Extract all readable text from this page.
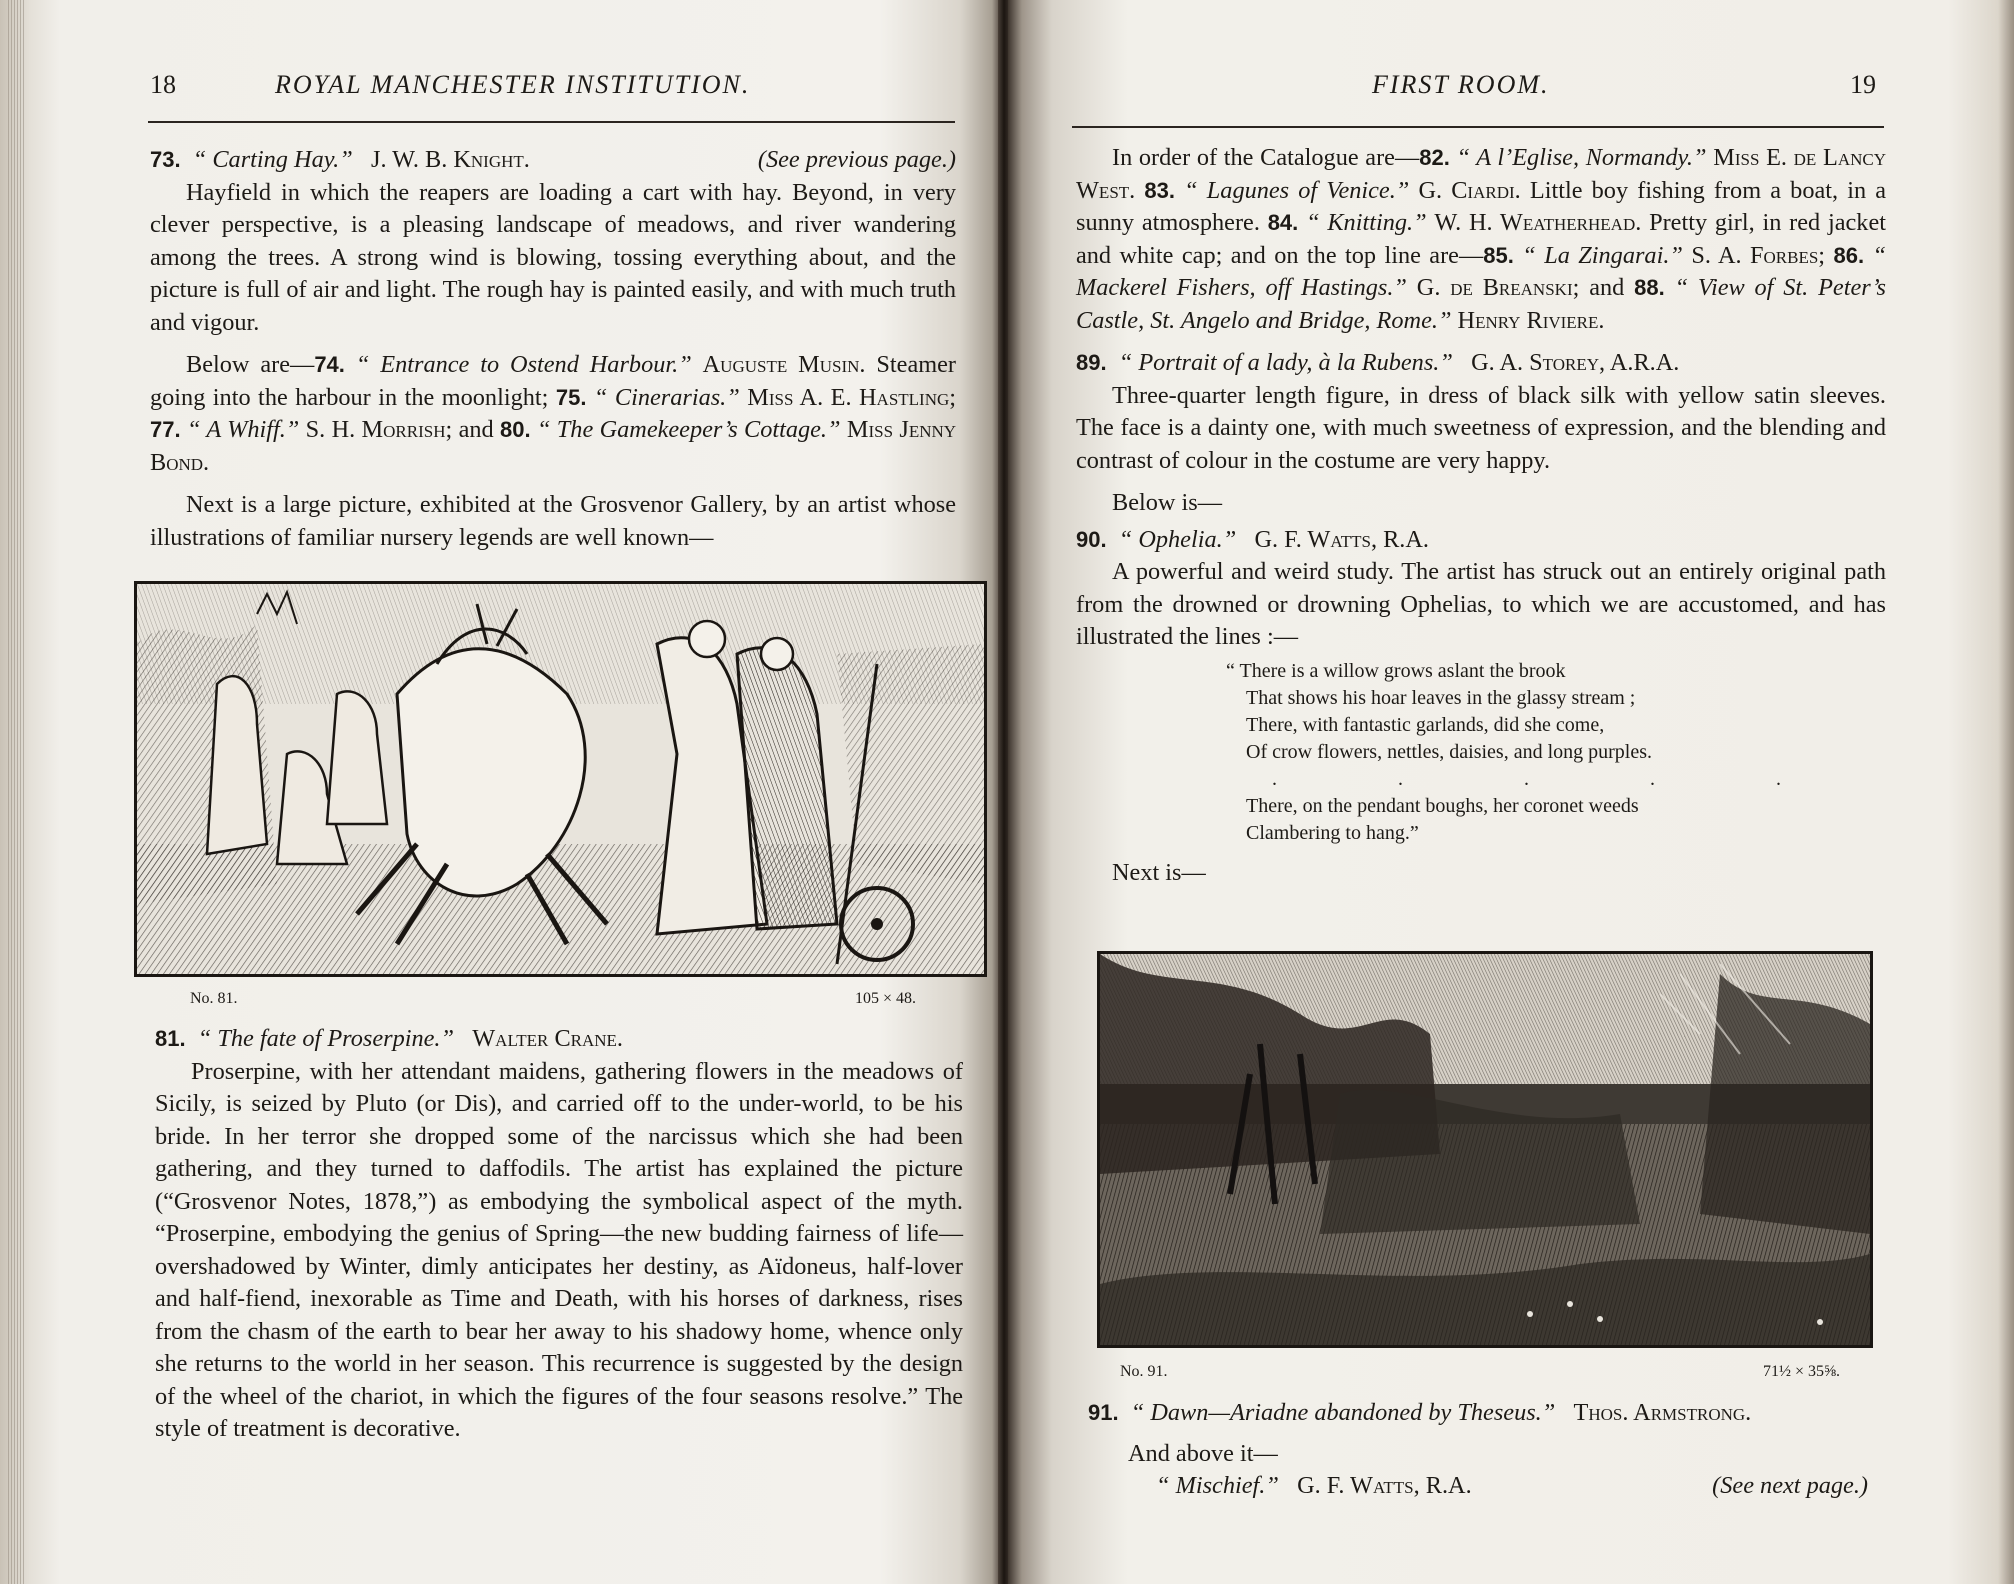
18	ROYAL MANCHESTER INSTITUTION.

73. “ Carting Hay.” J. W. B. Knight.	(See previous page.)

Hayfield in which the reapers are loading a cart with hay. Beyond, in very clever perspective, is a pleasing landscape of meadows, and river wandering among the trees. A strong wind is blowing, tossing everything about, and the picture is full of air and light. The rough hay is painted easily, and with much truth and vigour.

Below are—74. “ Entrance to Ostend Harbour.” Auguste Musin. Steamer going into the harbour in the moonlight; 75. “ Cinerarias.” Miss A. E. Hastling; 77. “ A Whiff.” S. H. Morrish; and 80. “ The Gamekeeper’s Cottage.” Miss Jenny Bond.

Next is a large picture, exhibited at the Grosvenor Gallery, by an artist whose illustrations of familiar nursery legends are well known—

No. 81.	105 × 48.

81. “ The fate of Proserpine.” Walter Crane.

Proserpine, with her attendant maidens, gathering flowers in the meadows of Sicily, is seized by Pluto (or Dis), and carried off to the under-world, to be his bride. In her terror she dropped some of the narcissus which she had been gathering, and they turned to daffodils. The artist has explained the picture (“Grosvenor Notes, 1878,”) as embodying the symbolical aspect of the myth. “Proserpine, embodying the genius of Spring—the new budding fairness of life—overshadowed by Winter, dimly anticipates her destiny, as Aïdoneus, half-lover and half-fiend, inexorable as Time and Death, with his horses of darkness, rises from the chasm of the earth to bear her away to his shadowy home, whence only she returns to the world in her season. This recurrence is suggested by the design of the wheel of the chariot, in which the figures of the four seasons resolve.” The style of treatment is decorative.

FIRST ROOM.	19

In order of the Catalogue are—82. “ A l’Eglise, Normandy.” Miss E. de Lancy West. 83. “ Lagunes of Venice.” G. Ciardi. Little boy fishing from a boat, in a sunny atmosphere. 84. “ Knitting.” W. H. Weatherhead. Pretty girl, in red jacket and white cap; and on the top line are—85. “ La Zingarai.” S. A. Forbes; 86. “ Mackerel Fishers, off Hastings.” G. de Breanski; and 88. “ View of St. Peter’s Castle, St. Angelo and Bridge, Rome.” Henry Riviere.

89. “ Portrait of a lady, à la Rubens.” G. A. Storey, A.R.A.

Three-quarter length figure, in dress of black silk with yellow satin sleeves. The face is a dainty one, with much sweetness of expression, and the blending and contrast of colour in the costume are very happy.

Below is—

90. “ Ophelia.” G. F. Watts, R.A.

A powerful and weird study. The artist has struck out an entirely original path from the drowned or drowning Ophelias, to which we are accustomed, and has illustrated the lines :—

“ There is a willow grows aslant the brook
That shows his hoar leaves in the glassy stream ;
There, with fantastic garlands, did she come,
Of crow flowers, nettles, daisies, and long purples.
. . . . .
There, on the pendant boughs, her coronet weeds
Clambering to hang.”

Next is—

No. 91.	71½ × 35⅝.

91. “ Dawn—Ariadne abandoned by Theseus.” Thos. Armstrong.

And above it—

“ Mischief.” G. F. Watts, R.A.	(See next page.)
